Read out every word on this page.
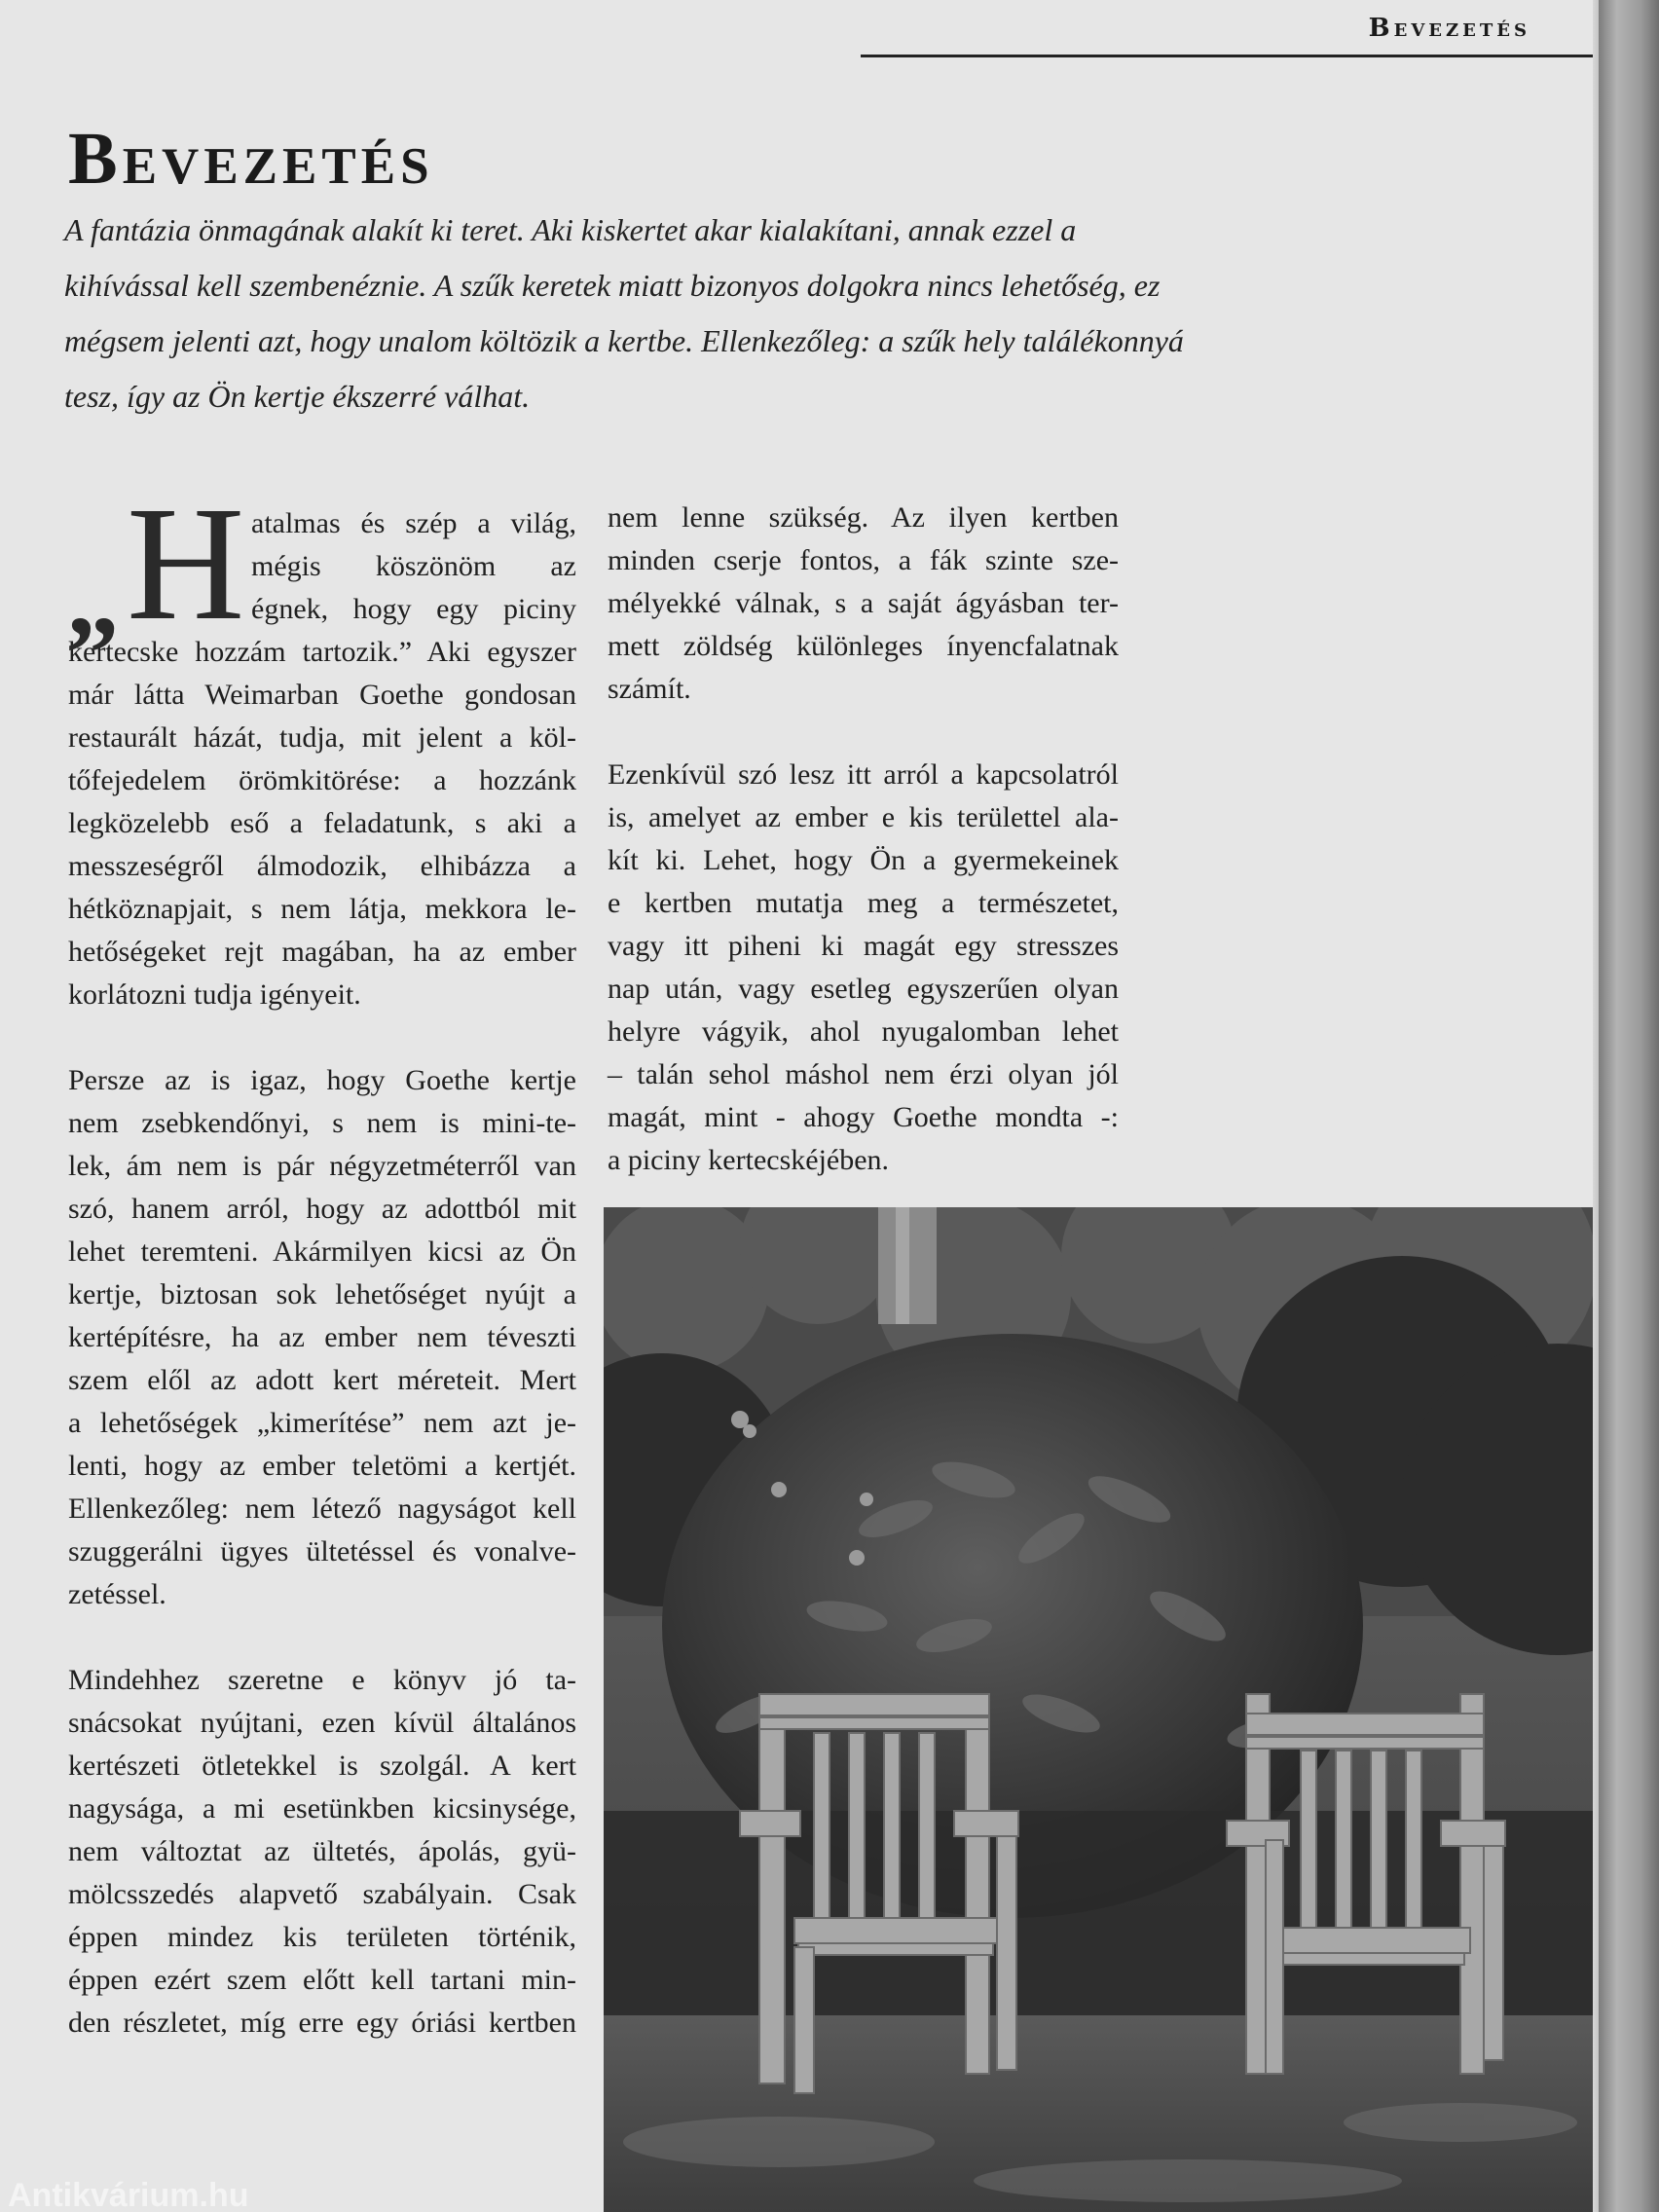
Bevezetés
Bevezetés
A fantázia önmagának alakít ki teret. Aki kiskertet akar kialakítani, annak ezzel a
kihívással kell szembenéznie. A szűk keretek miatt bizonyos dolgokra nincs lehetőség, ez
mégsem jelenti azt, hogy unalom költözik a kertbe. Ellenkezőleg: a szűk hely találékonnyá
tesz, így az Ön kertje ékszerré válhat.
„ H atalmas és szép a világ,
mégis köszönöm az
égnek, hogy egy piciny
kertecske hozzám tartozik.” Aki egyszer
már látta Weimarban Goethe gondosan
restaurált házát, tudja, mit jelent a köl-
tőfejedelem örömkitörése: a hozzánk
legközelebb eső a feladatunk, s aki a
messzeségről álmodozik, elhibázza a
hétköznapjait, s nem látja, mekkora le-
hetőségeket rejt magában, ha az ember
korlátozni tudja igényeit.
Persze az is igaz, hogy Goethe kertje
nem zsebkendőnyi, s nem is mini-te-
lek, ám nem is pár négyzetméterről van
szó, hanem arról, hogy az adottból mit
lehet teremteni. Akármilyen kicsi az Ön
kertje, biztosan sok lehetőséget nyújt a
kertépítésre, ha az ember nem téveszti
szem elől az adott kert méreteit. Mert
a lehetőségek „kimerítése” nem azt je-
lenti, hogy az ember teletömi a kertjét.
Ellenkezőleg: nem létező nagyságot kell
szuggerálni ügyes ültetéssel és vonalve-
zetéssel.
Mindehhez szeretne e könyv jó ta-
snácsokat nyújtani, ezen kívül általános
kertészeti ötletekkel is szolgál. A kert
nagysága, a mi esetünkben kicsinysége,
nem változtat az ültetés, ápolás, gyü-
mölcsszedés alapvető szabályain. Csak
éppen mindez kis területen történik,
éppen ezért szem előtt kell tartani min-
den részletet, míg erre egy óriási kertben
nem lenne szükség. Az ilyen kertben
minden cserje fontos, a fák szinte sze-
mélyekké válnak, s a saját ágyásban ter-
mett zöldség különleges ínyencfalatnak
számít.
Ezenkívül szó lesz itt arról a kapcsolatról
is, amelyet az ember e kis területtel ala-
kít ki. Lehet, hogy Ön a gyermekeinek
e kertben mutatja meg a természetet,
vagy itt piheni ki magát egy stresszes
nap után, vagy esetleg egyszerűen olyan
helyre vágyik, ahol nyugalomban lehet
– talán sehol máshol nem érzi olyan jól
magát, mint - ahogy Goethe mondta -:
a piciny kertecskéjében.
Antikvárium.hu
